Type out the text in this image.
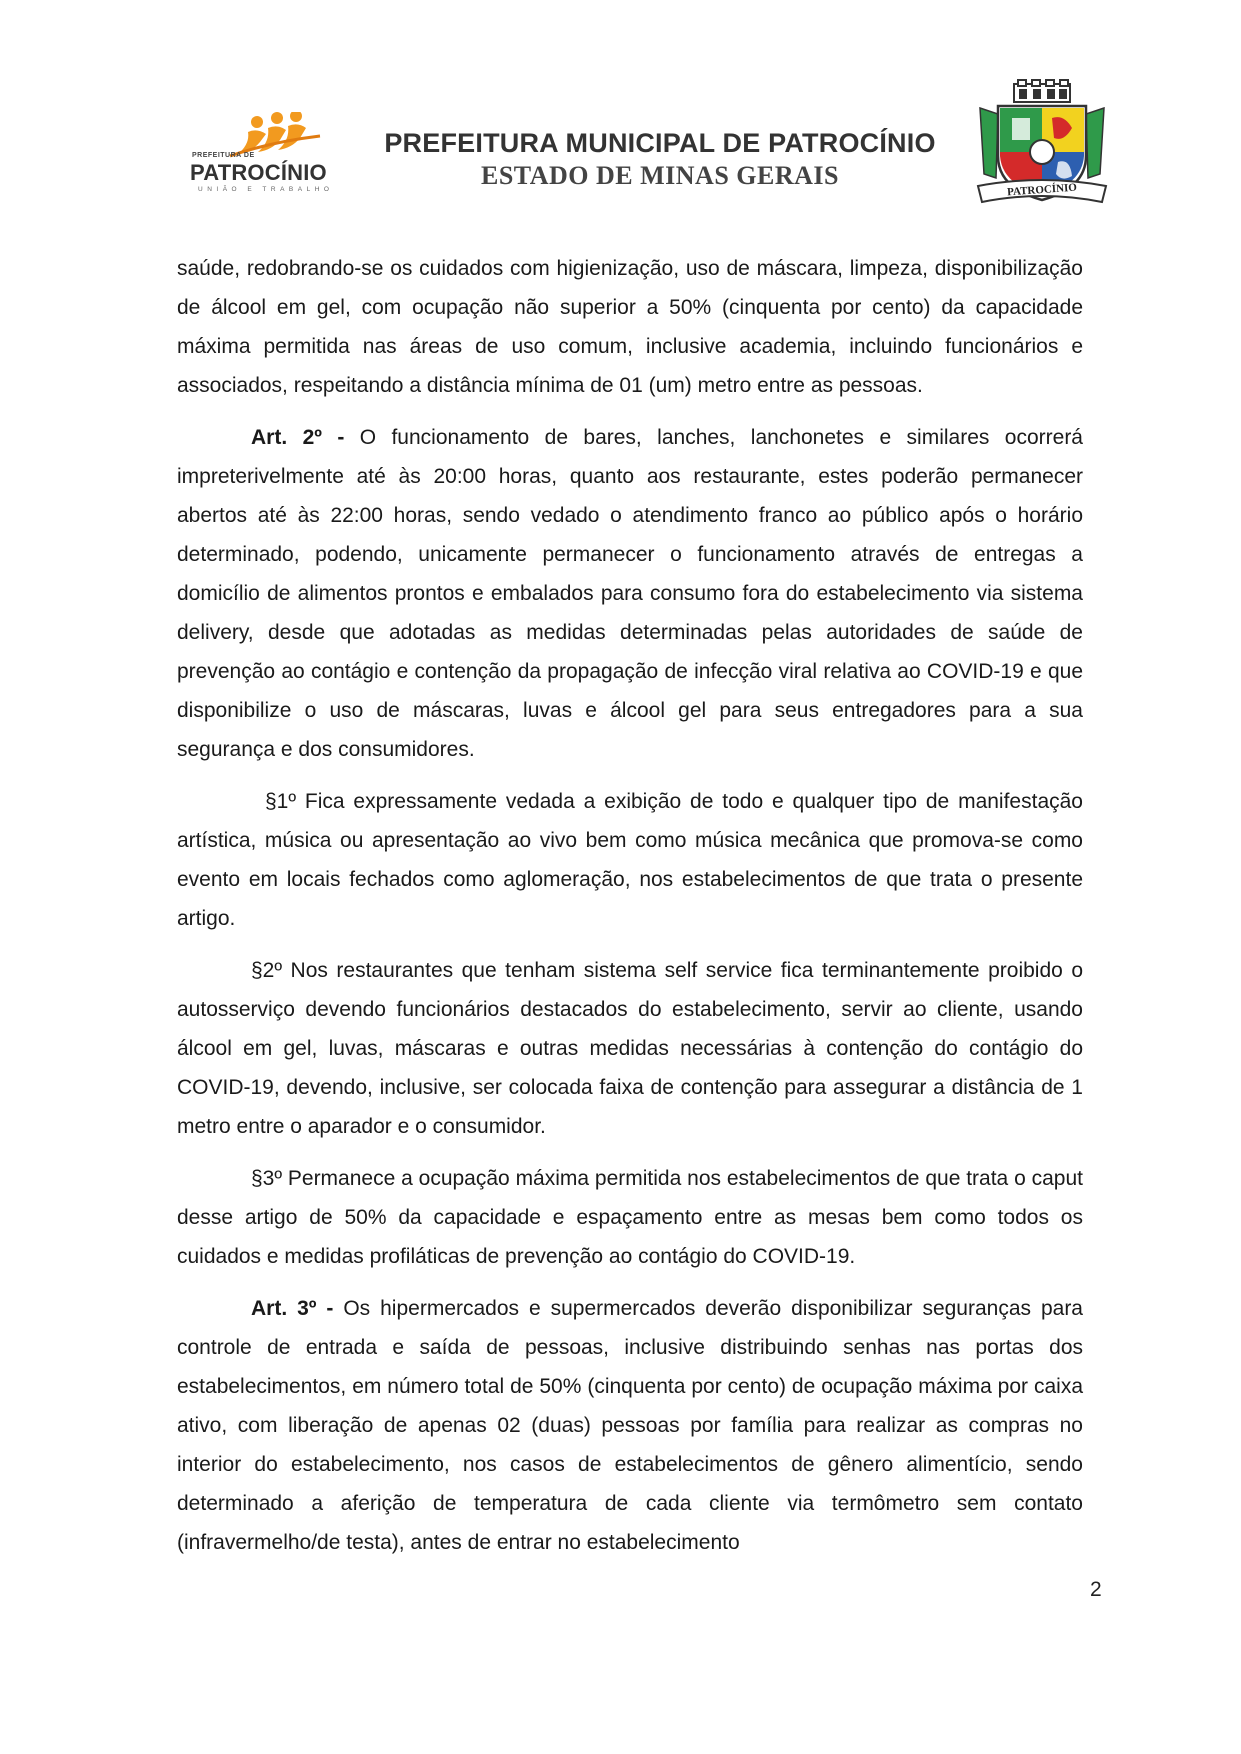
PREFEITURA DE
PATROCÍNIO
UNIÃO E TRABALHO
PREFEITURA MUNICIPAL DE PATROCÍNIO
ESTADO DE MINAS GERAIS	PATROCÍNIO

saúde, redobrando-se os cuidados com higienização, uso de máscara, limpeza, disponibilização de álcool em gel, com ocupação não superior a 50% (cinquenta por cento) da capacidade máxima permitida nas áreas de uso comum, inclusive academia, incluindo funcionários e associados, respeitando a distância mínima de 01 (um) metro entre as pessoas.

Art. 2º - O funcionamento de bares, lanches, lanchonetes e similares ocorrerá impreterivelmente até às 20:00 horas, quanto aos restaurante, estes poderão permanecer abertos até às 22:00 horas, sendo vedado o atendimento franco ao público após o horário determinado, podendo, unicamente permanecer o funcionamento através de entregas a domicílio de alimentos prontos e embalados para consumo fora do estabelecimento via sistema delivery, desde que adotadas as medidas determinadas pelas autoridades de saúde de prevenção ao contágio e contenção da propagação de infecção viral relativa ao COVID-19 e que disponibilize o uso de máscaras, luvas e álcool gel para seus entregadores para a sua segurança e dos consumidores.

§1º Fica expressamente vedada a exibição de todo e qualquer tipo de manifestação artística, música ou apresentação ao vivo bem como música mecânica que promova-se como evento em locais fechados como aglomeração, nos estabelecimentos de que trata o presente artigo.

§2º Nos restaurantes que tenham sistema self service fica terminantemente proibido o autosserviço devendo funcionários destacados do estabelecimento, servir ao cliente, usando álcool em gel, luvas, máscaras e outras medidas necessárias à contenção do contágio do COVID-19, devendo, inclusive, ser colocada faixa de contenção para assegurar a distância de 1 metro entre o aparador e o consumidor.

§3º Permanece a ocupação máxima permitida nos estabelecimentos de que trata o caput desse artigo de 50% da capacidade e espaçamento entre as mesas bem como todos os cuidados e medidas profiláticas de prevenção ao contágio do COVID-19.

Art. 3º - Os hipermercados e supermercados deverão disponibilizar seguranças para controle de entrada e saída de pessoas, inclusive distribuindo senhas nas portas dos estabelecimentos, em número total de 50% (cinquenta por cento) de ocupação máxima por caixa ativo, com liberação de apenas 02 (duas) pessoas por família para realizar as compras no interior do estabelecimento, nos casos de estabelecimentos de gênero alimentício, sendo determinado a aferição de temperatura de cada cliente via termômetro sem contato (infravermelho/de testa), antes de entrar no estabelecimento

2
